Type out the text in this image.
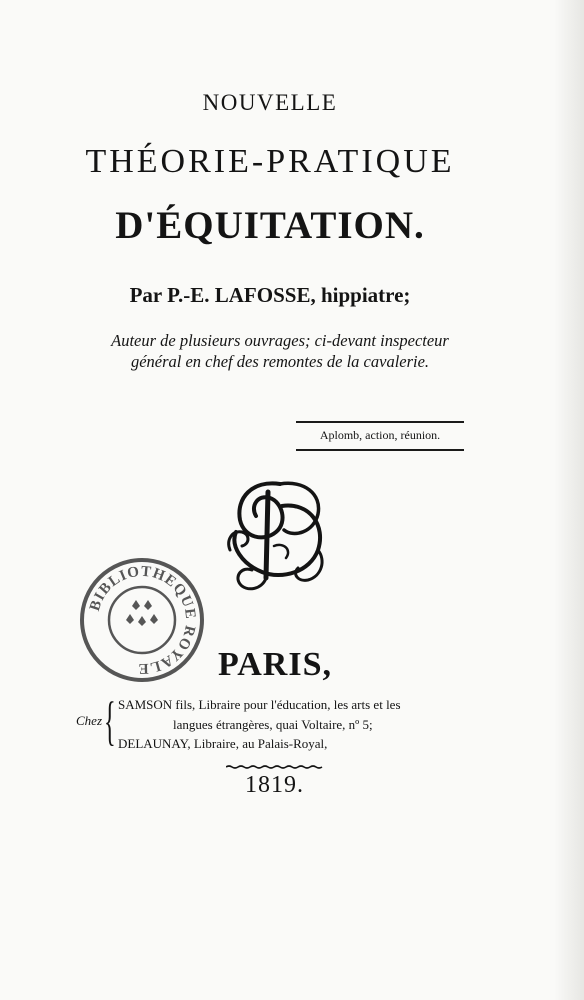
NOUVELLE
THÉORIE-PRATIQUE
D'ÉQUITATION.
Par P.-E. LAFOSSE, hippiatre;
Auteur de plusieurs ouvrages; ci-devant inspecteur
général en chef des remontes de la cavalerie.
Aplomb, action, réunion.
BIBLIOTHEQUE ROYALE	PARIS,
Chez { SAMSON fils, Libraire pour l'éducation, les arts et les
langues étrangères, quai Voltaire, nº 5;
DELAUNAY, Libraire, au Palais-Royal,
1819.
